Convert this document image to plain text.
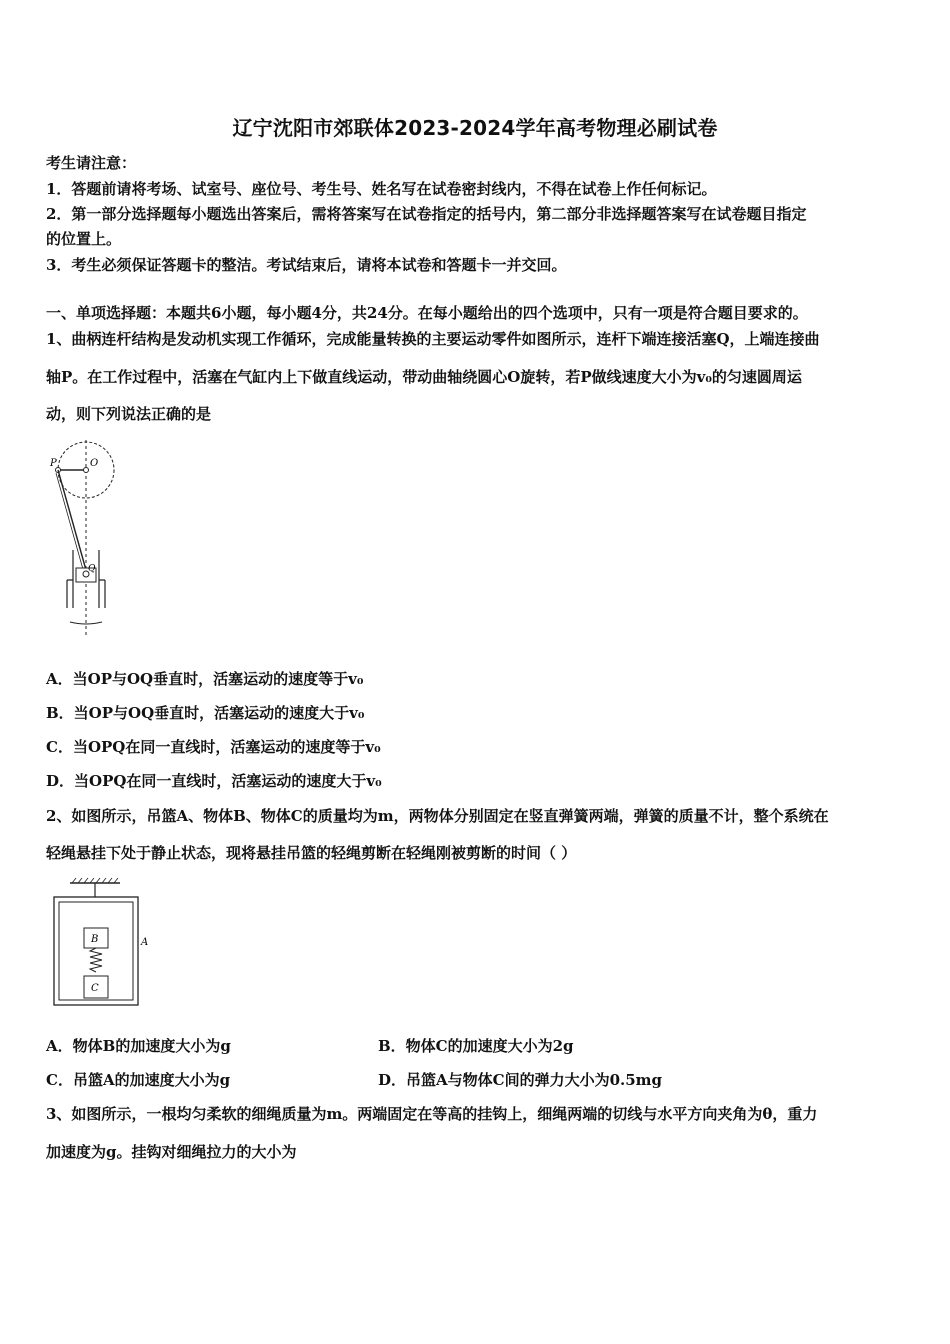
辽宁沈阳市郊联体2023-2024学年高考物理必刷试卷
考生请注意：
1．答题前请将考场、试室号、座位号、考生号、姓名写在试卷密封线内，不得在试卷上作任何标记。
2．第一部分选择题每小题选出答案后，需将答案写在试卷指定的括号内，第二部分非选择题答案写在试卷题目指定
的位置上。
3．考生必须保证答题卡的整洁。考试结束后，请将本试卷和答题卡一并交回。
一、单项选择题：本题共6小题，每小题4分，共24分。在每小题给出的四个选项中，只有一项是符合题目要求的。
1、曲柄连杆结构是发动机实现工作循环，完成能量转换的主要运动零件如图所示，连杆下端连接活塞Q，上端连接曲
轴P。在工作过程中，活塞在气缸内上下做直线运动，带动曲轴绕圆心O旋转，若P做线速度大小为v₀的匀速圆周运
动，则下列说法正确的是
P	O
Q
A．当OP与OQ垂直时，活塞运动的速度等于v₀
B．当OP与OQ垂直时，活塞运动的速度大于v₀
C．当OPQ在同一直线时，活塞运动的速度等于v₀
D．当OPQ在同一直线时，活塞运动的速度大于v₀
2、如图所示，吊篮A、物体B、物体C的质量均为m，两物体分别固定在竖直弹簧两端，弹簧的质量不计，整个系统在
轻绳悬挂下处于静止状态，现将悬挂吊篮的轻绳剪断在轻绳刚被剪断的时间（ ）
B
C
A
A．物体B的加速度大小为g	B．物体C的加速度大小为2g
C．吊篮A的加速度大小为g	D．吊篮A与物体C间的弹力大小为0.5mg
3、如图所示，一根均匀柔软的细绳质量为m。两端固定在等高的挂钩上，细绳两端的切线与水平方向夹角为θ，重力
加速度为g。挂钩对细绳拉力的大小为
